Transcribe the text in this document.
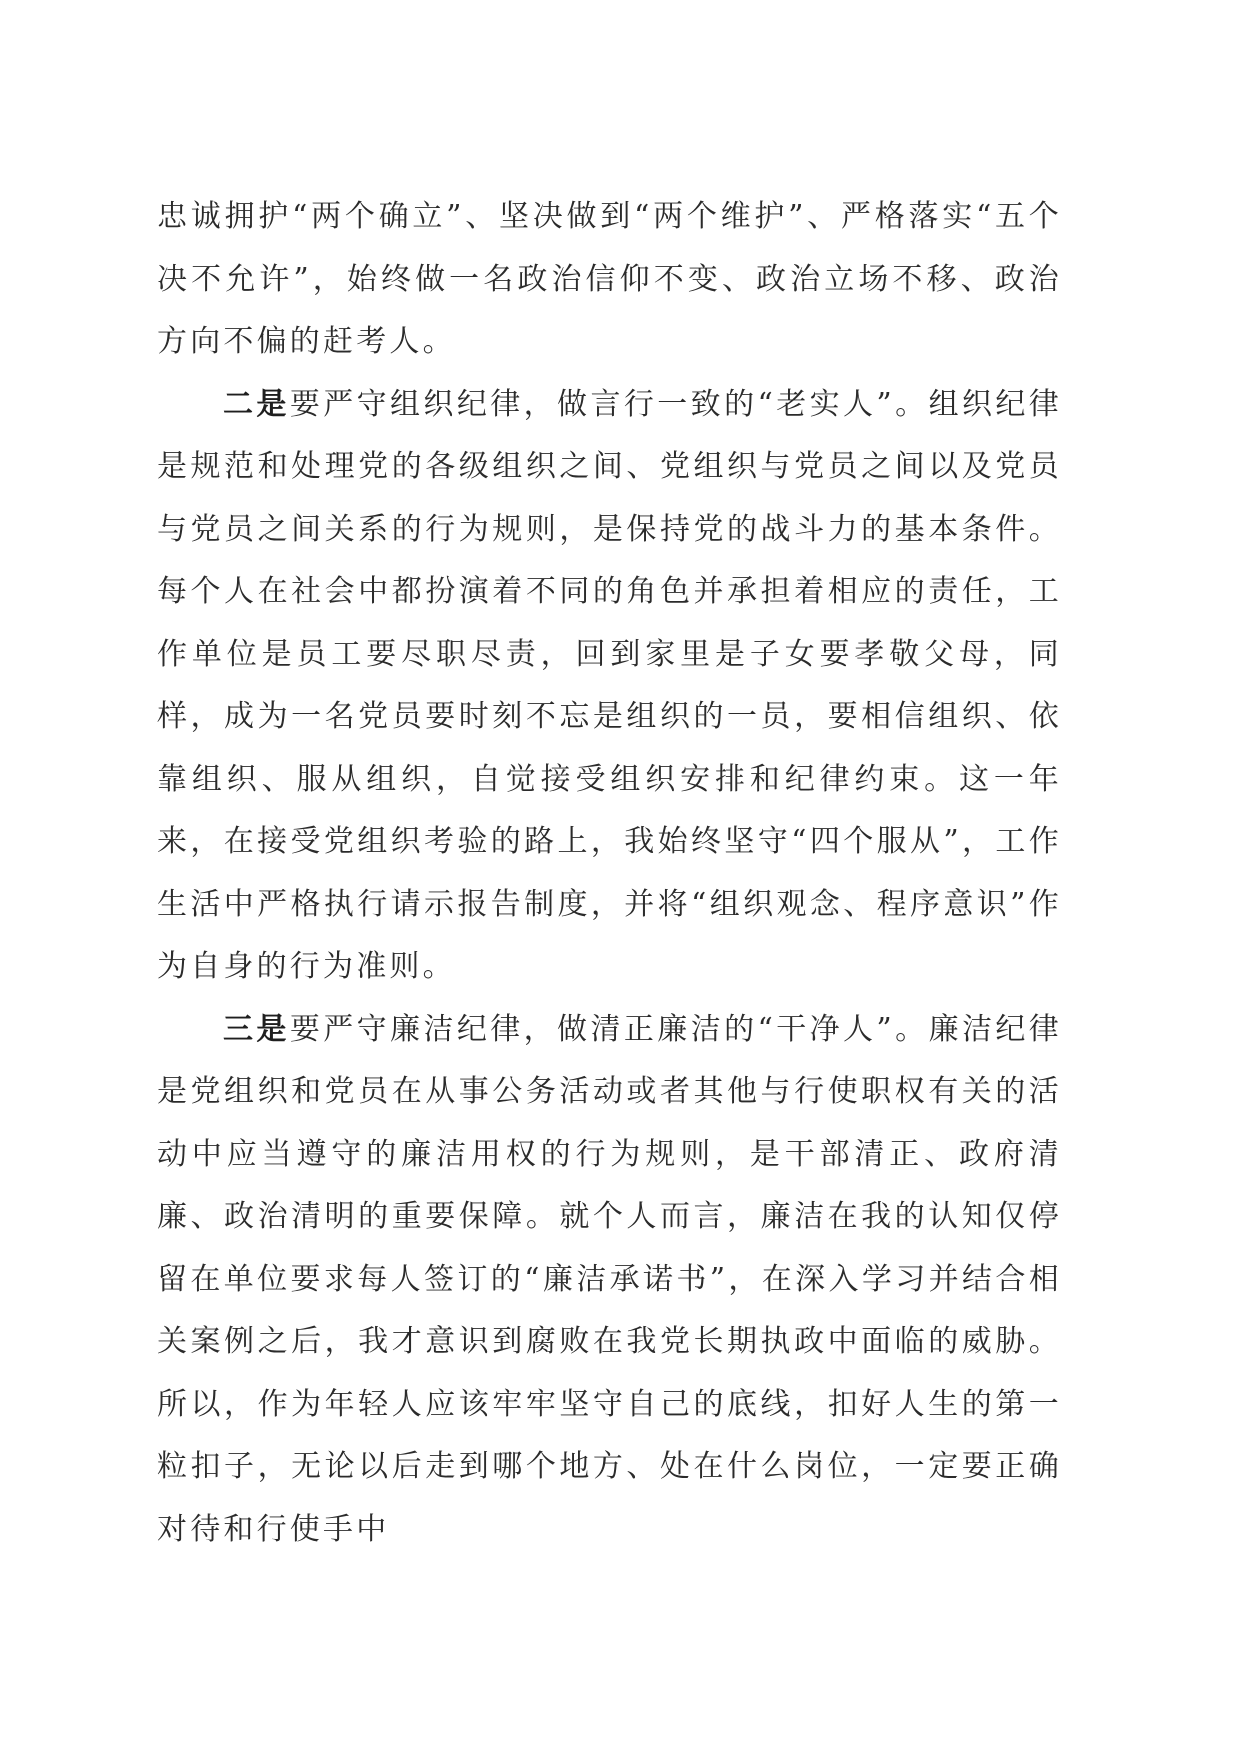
忠诚拥护“两个确立”、坚决做到“两个维护”、严格落实“五个决不允许”，始终做一名政治信仰不变、政治立场不移、政治方向不偏的赶考人。

二是要严守组织纪律，做言行一致的“老实人”。组织纪律是规范和处理党的各级组织之间、党组织与党员之间以及党员与党员之间关系的行为规则，是保持党的战斗力的基本条件。每个人在社会中都扮演着不同的角色并承担着相应的责任，工作单位是员工要尽职尽责，回到家里是子女要孝敬父母，同样，成为一名党员要时刻不忘是组织的一员，要相信组织、依靠组织、服从组织，自觉接受组织安排和纪律约束。这一年来，在接受党组织考验的路上，我始终坚守“四个服从”，工作生活中严格执行请示报告制度，并将“组织观念、程序意识”作为自身的行为准则。

三是要严守廉洁纪律，做清正廉洁的“干净人”。廉洁纪律是党组织和党员在从事公务活动或者其他与行使职权有关的活动中应当遵守的廉洁用权的行为规则，是干部清正、政府清廉、政治清明的重要保障。就个人而言，廉洁在我的认知仅停留在单位要求每人签订的“廉洁承诺书”，在深入学习并结合相关案例之后，我才意识到腐败在我党长期执政中面临的威胁。所以，作为年轻人应该牢牢坚守自己的底线，扣好人生的第一粒扣子，无论以后走到哪个地方、处在什么岗位，一定要正确对待和行使手中
